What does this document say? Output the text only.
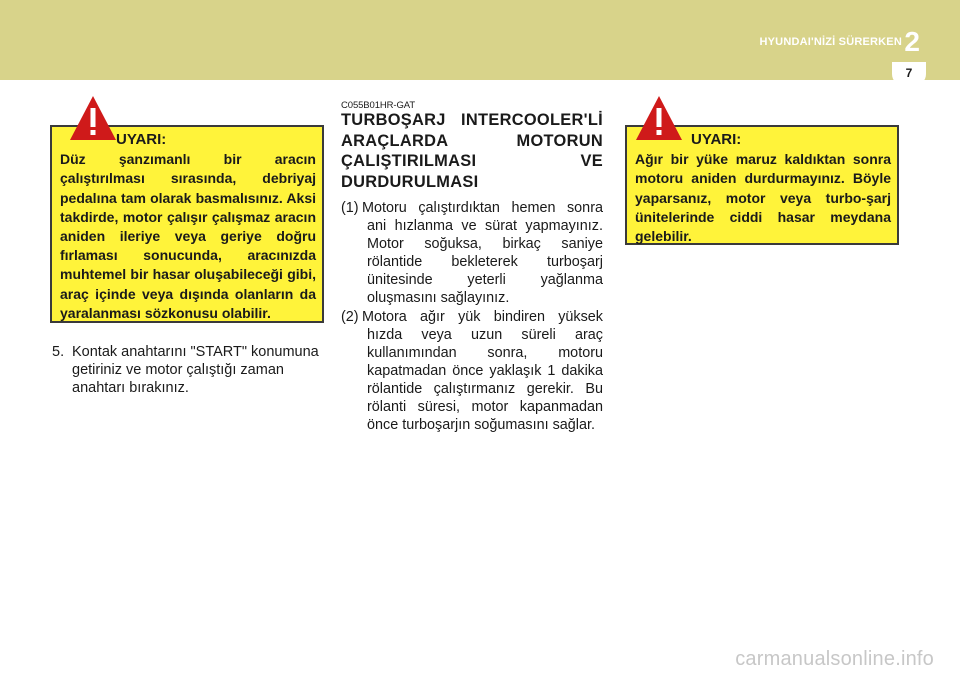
HYUNDAI'NİZİ SÜRERKEN 2
7
UYARI:
Düz şanzımanlı bir aracın çalıştırılması sırasında, debriyaj pedalına tam olarak basmalısınız. Aksi takdirde, motor çalışır çalışmaz aracın aniden ileriye veya geriye doğru fırlaması sonucunda, aracınızda muhtemel bir hasar oluşabileceği gibi, araç içinde veya dışında olanların da yaralanması sözkonusu olabilir.
5. Kontak anahtarını "START" konumuna getiriniz ve motor çalıştığı zaman anahtarı bırakınız.
C055B01HR-GAT
TURBOŞARJ INTERCOOLER'Lİ ARAÇLARDA MOTORUN ÇALIŞTIRILMASI VE DURDURULMASI
(1) Motoru çalıştırdıktan hemen sonra ani hızlanma ve sürat yapmayınız. Motor soğuksa, birkaç saniye rölantide bekleterek turboşarj ünitesinde yeterli yağlanma oluşmasını sağlayınız.
(2) Motora ağır yük bindiren yüksek hızda veya uzun süreli araç kullanımından sonra, motoru kapatmadan önce yaklaşık 1 dakika rölantide çalıştırmanız gerekir. Bu rölanti süresi, motor kapanmadan önce turboşarjın soğumasını sağlar.
UYARI:
Ağır bir yüke maruz kaldıktan sonra motoru aniden durdurmayınız. Böyle yaparsanız, motor veya turbo-şarj ünitelerinde ciddi hasar meydana gelebilir.
carmanualsonline.info
